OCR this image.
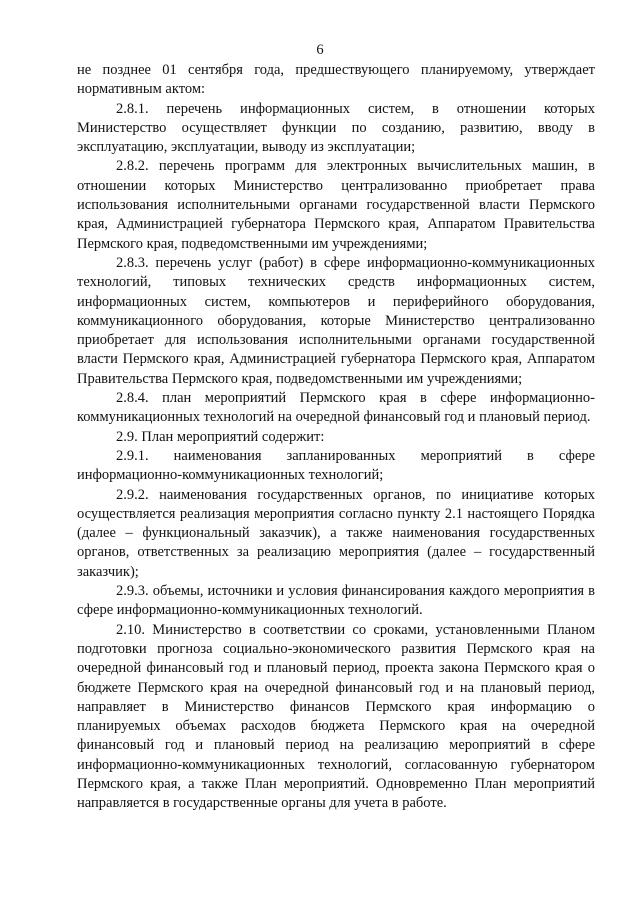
6

не позднее 01 сентября года, предшествующего планируемому, утверждает нормативным актом:

2.8.1. перечень информационных систем, в отношении которых Министерство осуществляет функции по созданию, развитию, вводу в эксплуатацию, эксплуатации, выводу из эксплуатации;

2.8.2. перечень программ для электронных вычислительных машин, в отношении которых Министерство централизованно приобретает права использования исполнительными органами государственной власти Пермского края, Администрацией губернатора Пермского края, Аппаратом Правительства Пермского края, подведомственными им учреждениями;

2.8.3. перечень услуг (работ) в сфере информационно-коммуникационных технологий, типовых технических средств информационных систем, информационных систем, компьютеров и периферийного оборудования, коммуникационного оборудования, которые Министерство централизованно приобретает для использования исполнительными органами государственной власти Пермского края, Администрацией губернатора Пермского края, Аппаратом Правительства Пермского края, подведомственными им учреждениями;

2.8.4. план мероприятий Пермского края в сфере информационно-коммуникационных технологий на очередной финансовый год и плановый период.

2.9. План мероприятий содержит:

2.9.1. наименования запланированных мероприятий в сфере информационно-коммуникационных технологий;

2.9.2. наименования государственных органов, по инициативе которых осуществляется реализация мероприятия согласно пункту 2.1 настоящего Порядка (далее – функциональный заказчик), а также наименования государственных органов, ответственных за реализацию мероприятия (далее – государственный заказчик);

2.9.3. объемы, источники и условия финансирования каждого мероприятия в сфере информационно-коммуникационных технологий.

2.10. Министерство в соответствии со сроками, установленными Планом подготовки прогноза социально-экономического развития Пермского края на очередной финансовый год и плановый период, проекта закона Пермского края о бюджете Пермского края на очередной финансовый год и на плановый период, направляет в Министерство финансов Пермского края информацию о планируемых объемах расходов бюджета Пермского края на очередной финансовый год и плановый период на реализацию мероприятий в сфере информационно-коммуникационных технологий, согласованную губернатором Пермского края, а также План мероприятий. Одновременно План мероприятий направляется в государственные органы для учета в работе.
